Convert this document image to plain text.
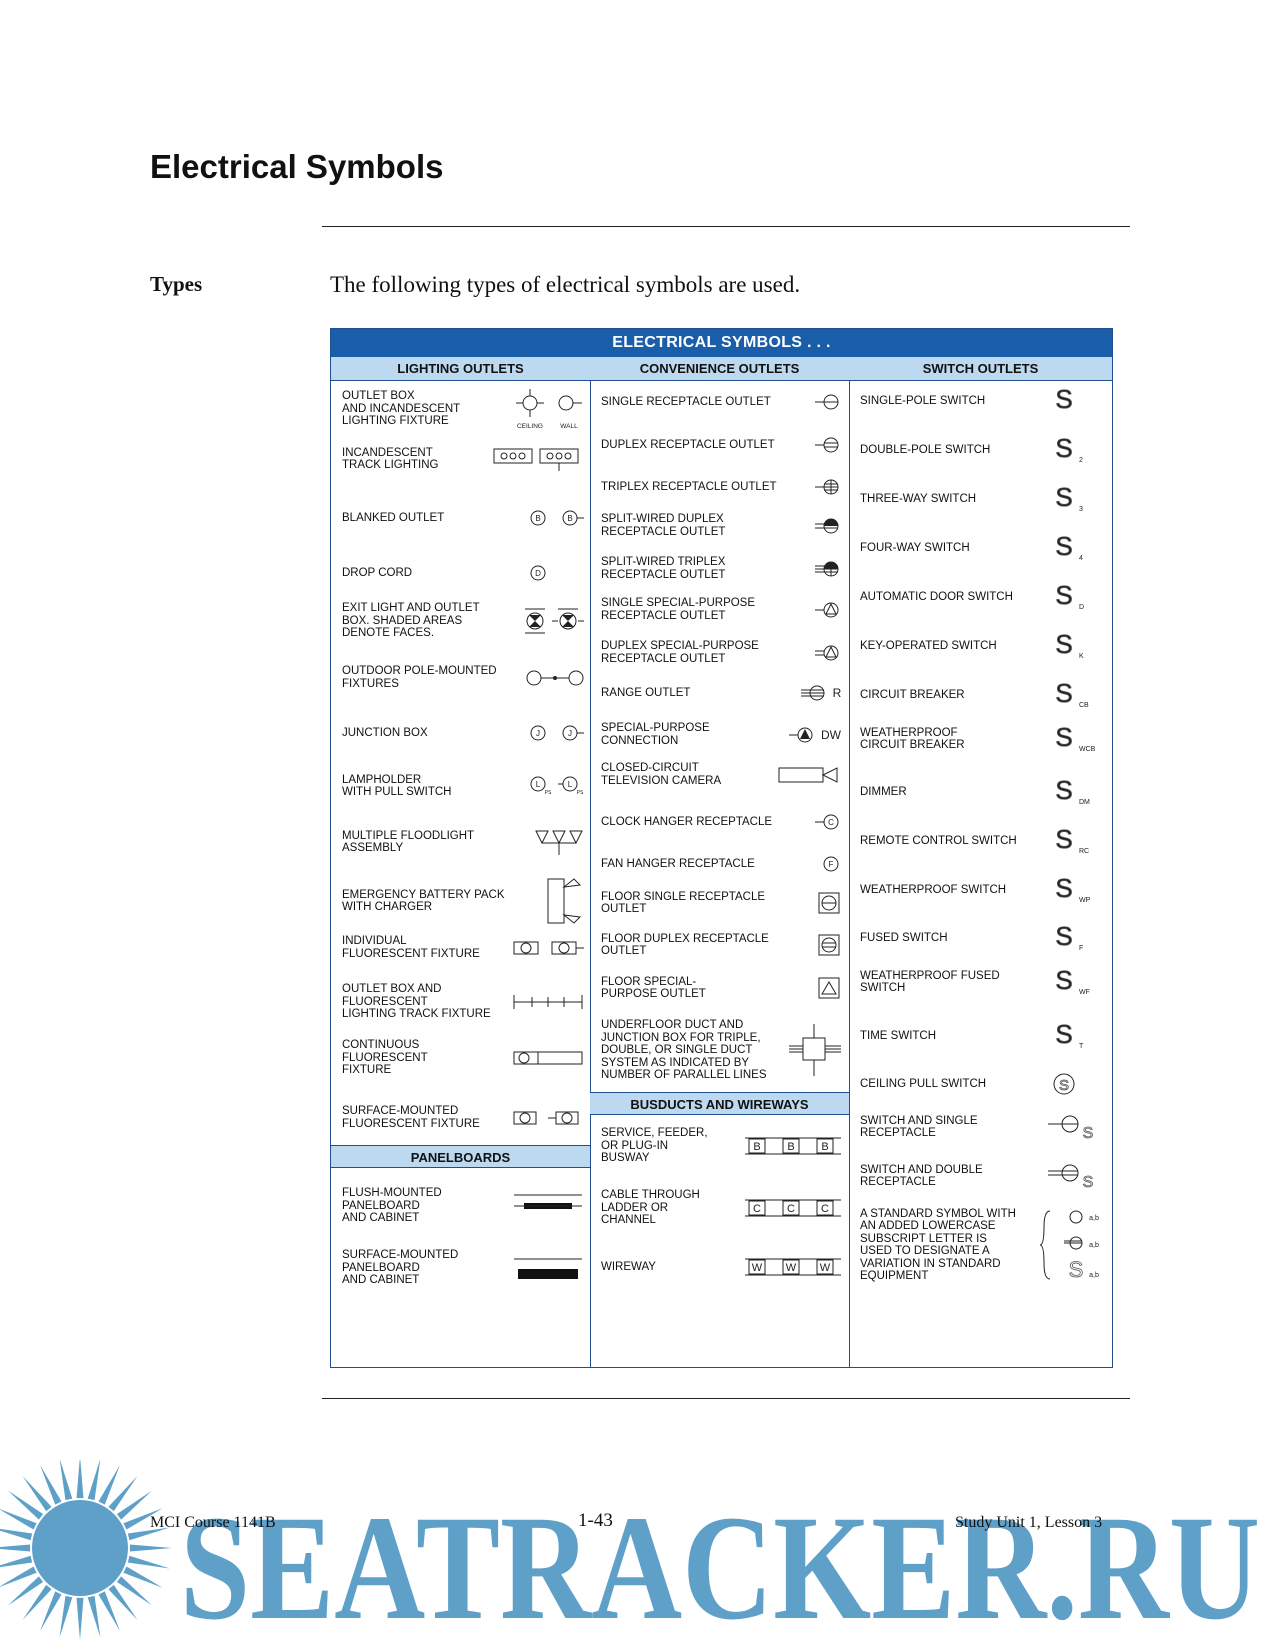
Electrical Symbols
Types	The following types of electrical symbols are used.
ELECTRICAL SYMBOLS . . .
LIGHTING OUTLETS
OUTLET BOX
AND INCANDESCENT
LIGHTING FIXTURE	CEILING	WALL
INCANDESCENT
TRACK LIGHTING
BLANKED OUTLET	B	B
DROP CORD	D
EXIT LIGHT AND OUTLET
BOX. SHADED AREAS
DENOTE FACES.
OUTDOOR POLE-MOUNTED
FIXTURES
JUNCTION BOX	J	J
LAMPHOLDER
WITH PULL SWITCH
L
PS
L
PS
MULTIPLE FLOODLIGHT
ASSEMBLY
EMERGENCY BATTERY PACK
WITH CHARGER
INDIVIDUAL
FLUORESCENT FIXTURE
OUTLET BOX AND
FLUORESCENT
LIGHTING TRACK FIXTURE
CONTINUOUS
FLUORESCENT
FIXTURE
SURFACE-MOUNTED
FLUORESCENT FIXTURE
PANELBOARDS
FLUSH-MOUNTED
PANELBOARD
AND CABINET
SURFACE-MOUNTED
PANELBOARD
AND CABINET
CONVENIENCE OUTLETS
SINGLE RECEPTACLE OUTLET
DUPLEX RECEPTACLE OUTLET
TRIPLEX RECEPTACLE OUTLET
SPLIT-WIRED DUPLEX
RECEPTACLE OUTLET
SPLIT-WIRED TRIPLEX
RECEPTACLE OUTLET
SINGLE SPECIAL-PURPOSE
RECEPTACLE OUTLET
DUPLEX SPECIAL-PURPOSE
RECEPTACLE OUTLET
RANGE OUTLET	R
SPECIAL-PURPOSE
CONNECTION	DW
CLOSED-CIRCUIT
TELEVISION CAMERA
CLOCK HANGER RECEPTACLE	C
FAN HANGER RECEPTACLE	F
FLOOR SINGLE RECEPTACLE
OUTLET
FLOOR DUPLEX RECEPTACLE
OUTLET
FLOOR SPECIAL-
PURPOSE OUTLET
UNDERFLOOR DUCT AND
JUNCTION BOX FOR TRIPLE,
DOUBLE, OR SINGLE DUCT
SYSTEM AS INDICATED BY
NUMBER OF PARALLEL LINES
BUSDUCTS AND WIREWAYS
SERVICE, FEEDER,
OR PLUG-IN
BUSWAY
B B B
CABLE THROUGH
LADDER OR
CHANNEL
C C C
WIREWAY	W W W
SWITCH OUTLETS
SINGLE-POLE SWITCH	S
DOUBLE-POLE SWITCH S 2
THREE-WAY SWITCH	S 3
FOUR-WAY SWITCH	S 4
AUTOMATIC DOOR SWITCH S D
KEY-OPERATED SWITCH S K
CIRCUIT BREAKER	S CB
WEATHERPROOF
CIRCUIT BREAKER	S WCB
DIMMER	S DM
REMOTE CONTROL SWITCH S RC
WEATHERPROOF SWITCH S WP
FUSED SWITCH	S F
WEATHERPROOF FUSED
SWITCH	S WF
TIME SWITCH	S T
CEILING PULL SWITCH	S
SWITCH AND SINGLE
RECEPTACLE	S
SWITCH AND DOUBLE
RECEPTACLE	S
A STANDARD SYMBOL WITH
AN ADDED LOWERCASE
SUBSCRIPT LETTER IS
USED TO DESIGNATE A
VARIATION IN STANDARD
EQUIPMENT
a,b
a,b
S a,b
SEATRACKER.RU
MCI Course 1141B	1-43	Study Unit 1, Lesson 3
